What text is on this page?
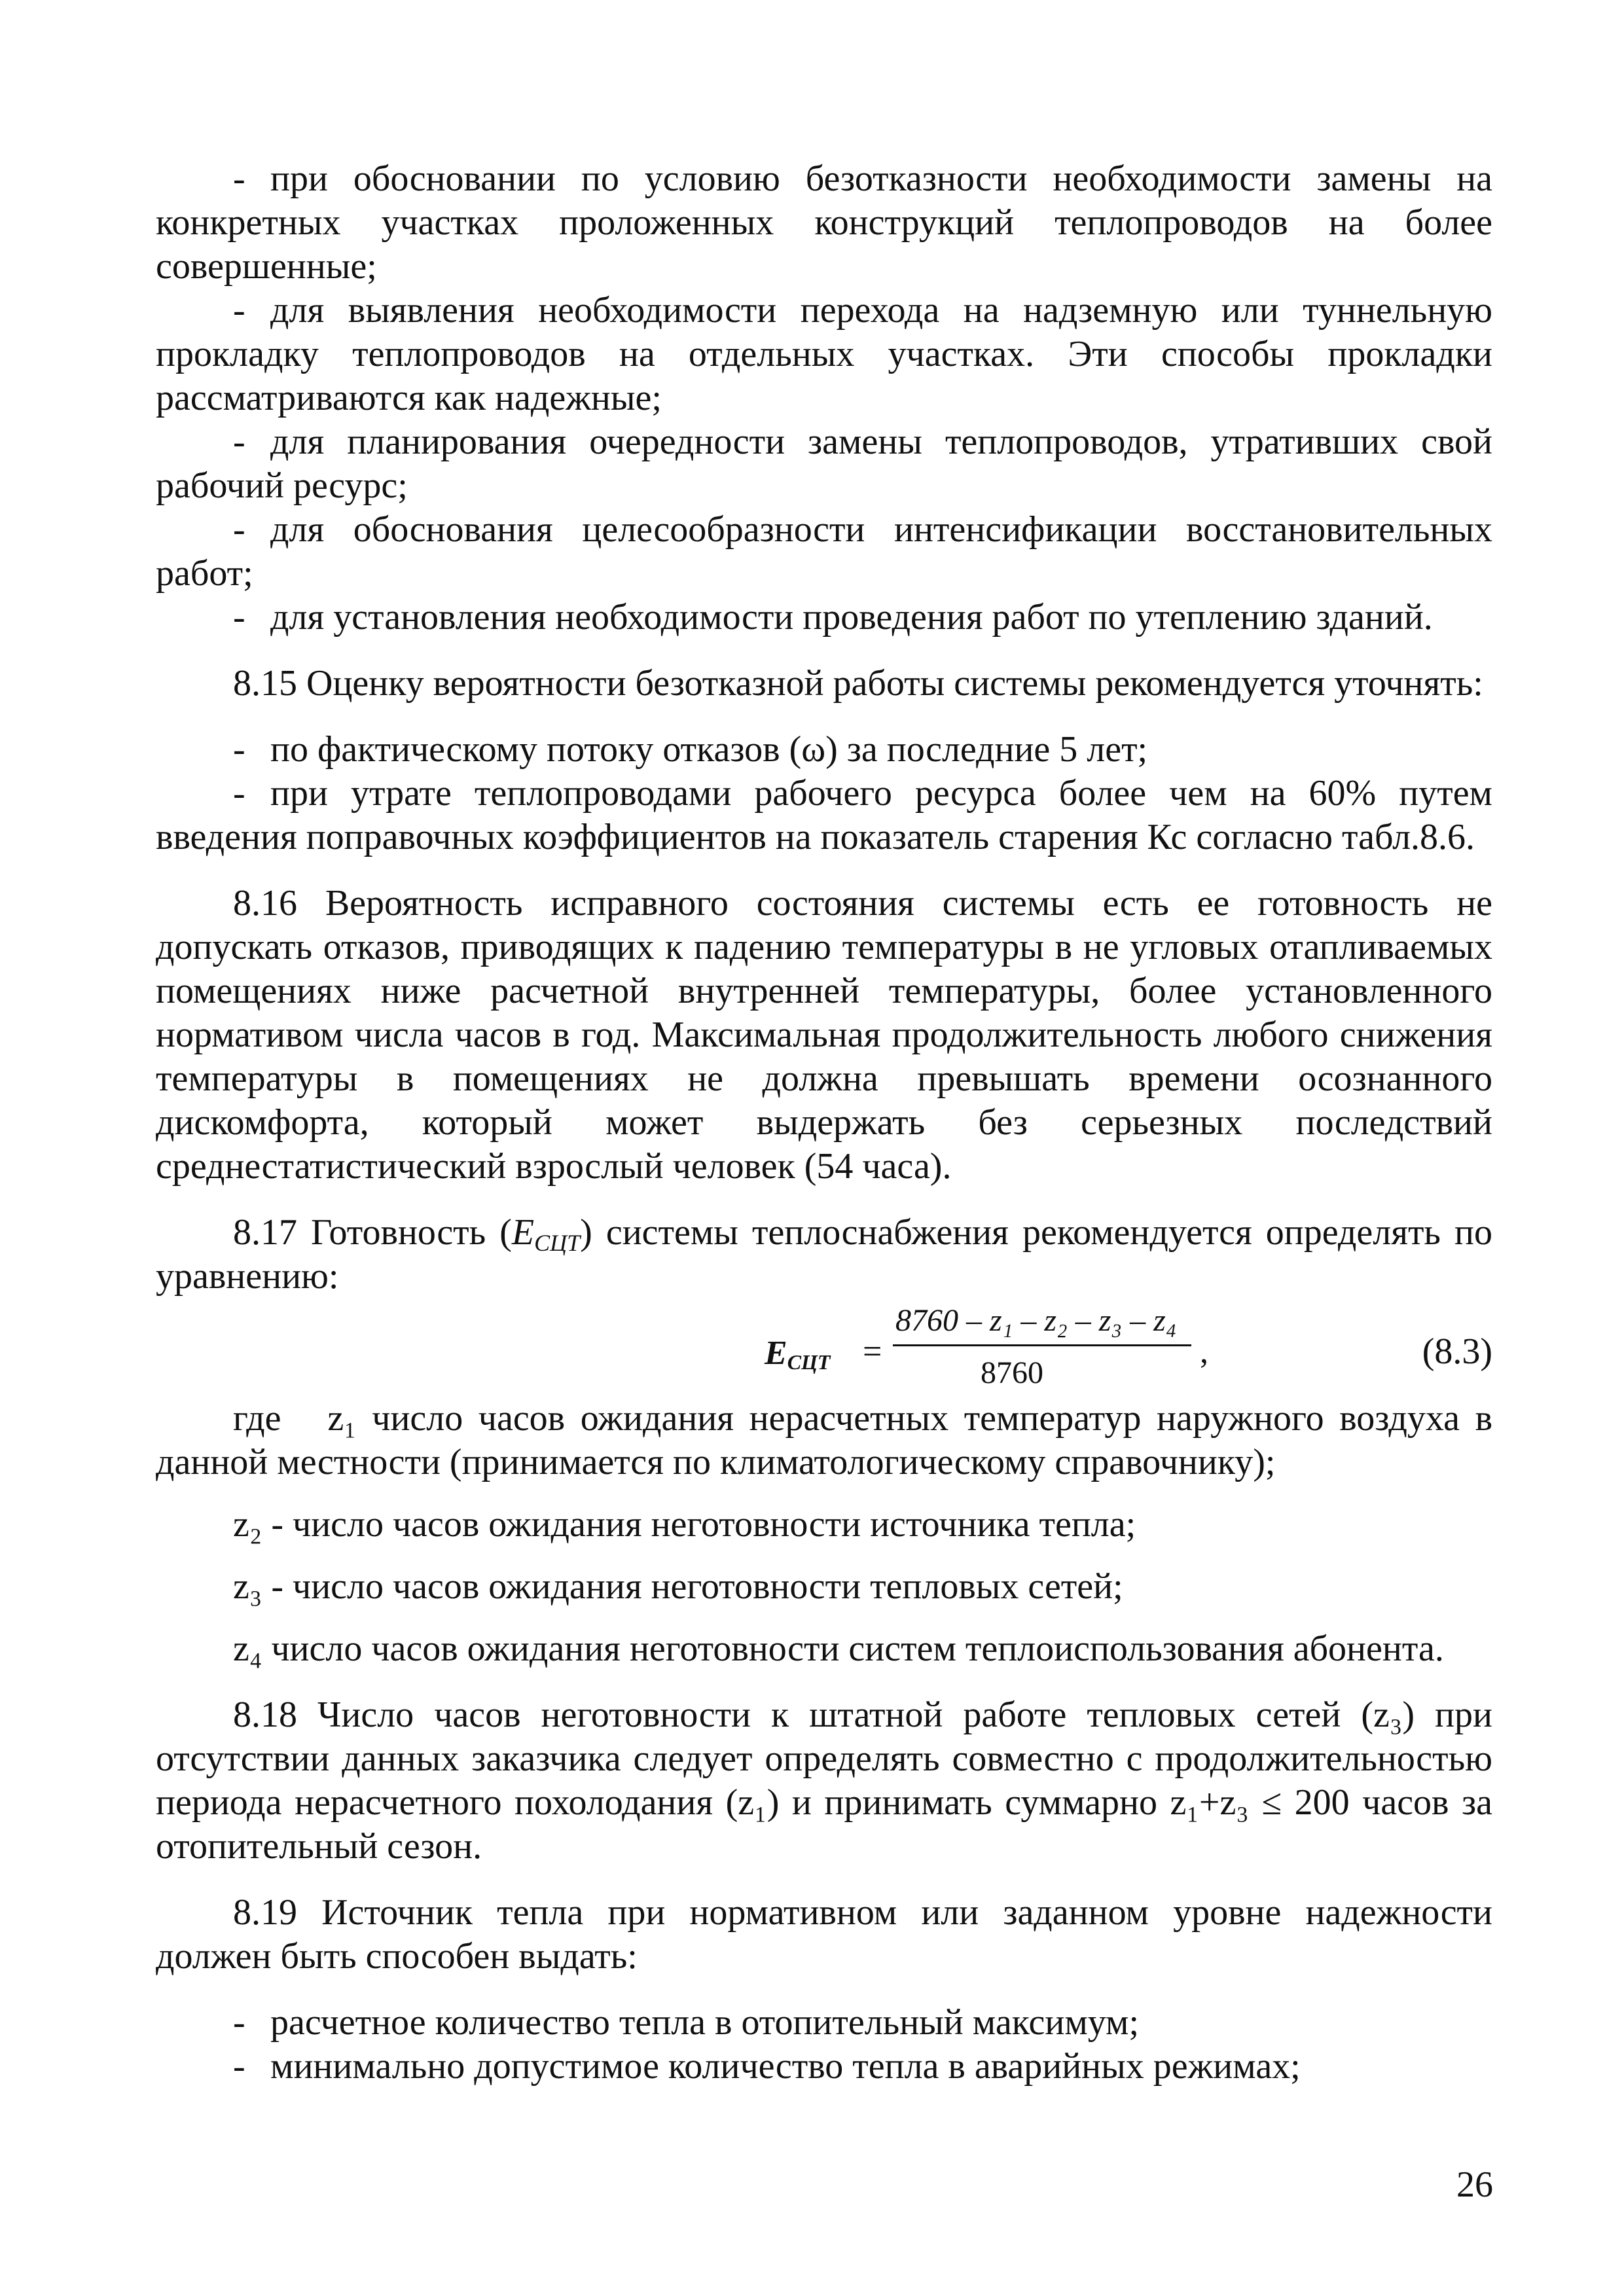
- при обосновании по условию безотказности необходимости замены на конкретных участках проложенных конструкций теплопроводов на более совершенные;
- для выявления необходимости перехода на надземную или туннельную прокладку теплопроводов на отдельных участках. Эти способы прокладки рассматриваются как надежные;
- для планирования очередности замены теплопроводов, утративших свой рабочий ресурс;
- для обоснования целесообразности интенсификации восстановительных работ;
- для установления необходимости проведения работ по утеплению зданий.

8.15 Оценку вероятности безотказной работы системы рекомендуется уточнять:

- по фактическому потоку отказов (ω) за последние 5 лет;
- при утрате теплопроводами рабочего ресурса более чем на 60% путем введения поправочных коэффициентов на показатель старения Кс согласно табл.8.6.

8.16 Вероятность исправного состояния системы есть ее готовность не допускать отказов, приводящих к падению температуры в не угловых отапливаемых помещениях ниже расчетной внутренней температуры, более установленного нормативом числа часов в год. Максимальная продолжительность любого снижения температуры в помещениях не должна превышать времени осознанного дискомфорта, который может выдержать без серьезных последствий среднестатистический взрослый человек (54 часа).

8.17 Готовность $(E_{СЦТ})$ системы теплоснабжения рекомендуется определять по уравнению:

$E_{СЦТ}$ =
8760 – z₁ – z₂ – z₃ – z₄
8760
,	(8.3)

где z₁ число часов ожидания нерасчетных температур наружного воздуха в данной местности (принимается по климатологическому справочнику);

z₂ - число часов ожидания неготовности источника тепла;
z₃ - число часов ожидания неготовности тепловых сетей;
z₄ число часов ожидания неготовности систем теплоиспользования абонента.

8.18 Число часов неготовности к штатной работе тепловых сетей (z₃) при отсутствии данных заказчика следует определять совместно с продолжительностью периода нерасчетного похолодания (z₁) и принимать суммарно z₁+z₃ ≤ 200 часов за отопительный сезон.

8.19 Источник тепла при нормативном или заданном уровне надежности должен быть способен выдать:

- расчетное количество тепла в отопительный максимум;
- минимально допустимое количество тепла в аварийных режимах;
26
